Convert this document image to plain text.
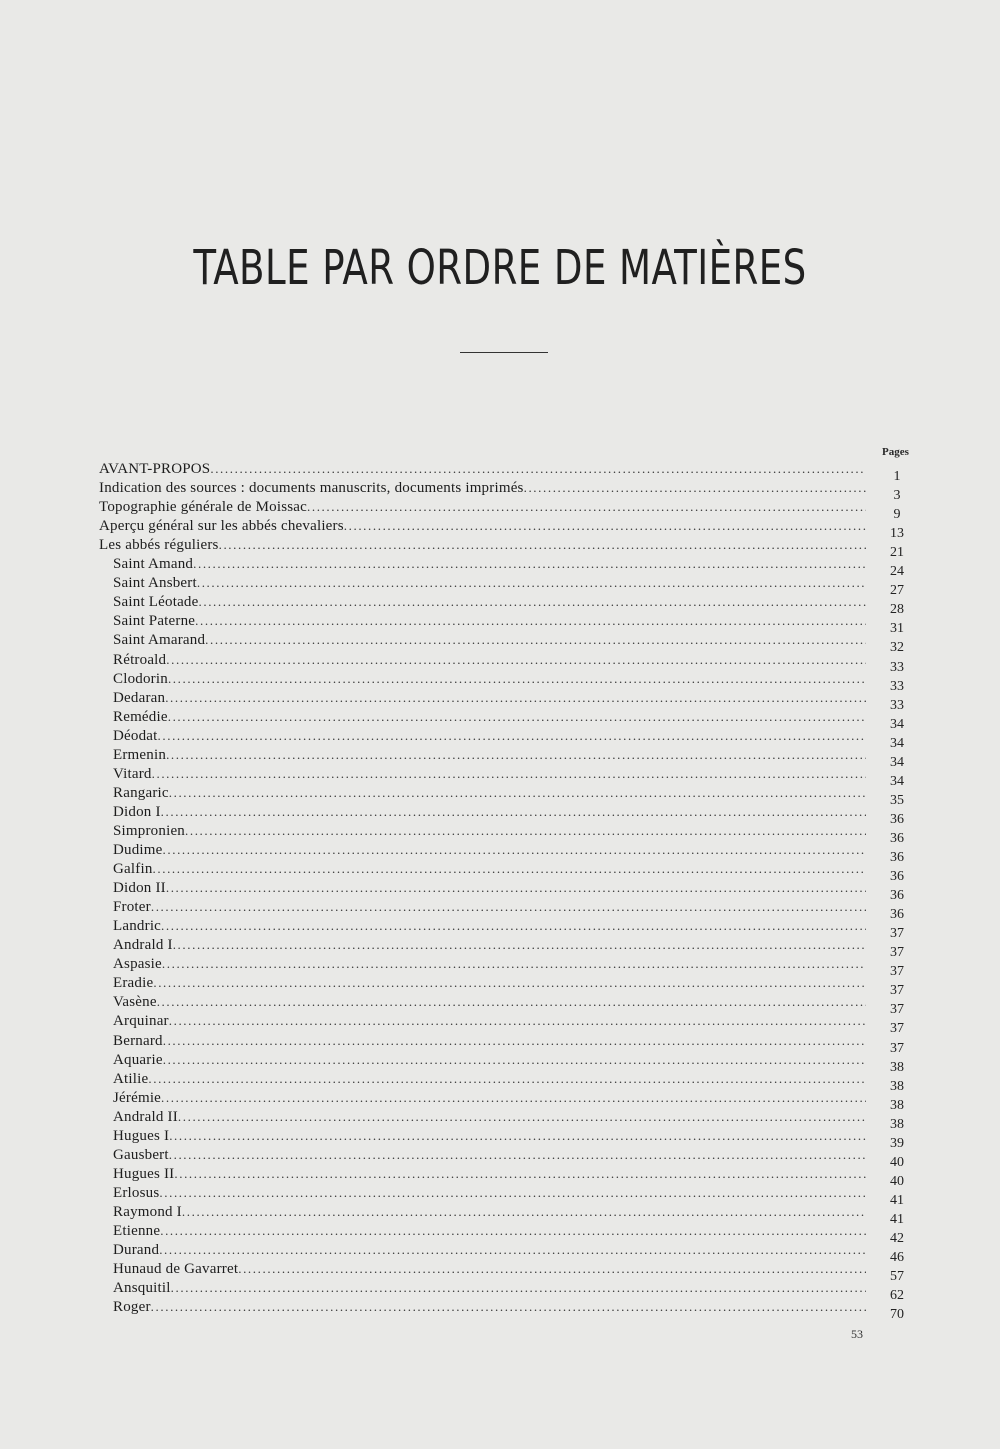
TABLE PAR ORDRE DE MATIÈRES
Pages
AVANT-PROPOS .....	1
Indication des sources : documents manuscrits, documents imprimés .....	3
Topographie générale de Moissac .....	9
Aperçu général sur les abbés chevaliers .....	13
Les abbés réguliers .....	21
Saint Amand .....	24
Saint Ansbert .....	27
Saint Léotade .....	28
Saint Paterne .....	31
Saint Amarand .....	32
Rétroald .....	33
Clodorin .....	33
Dedaran .....	33
Remédie .....	34
Déodat .....	34
Ermenin .....	34
Vitard .....	34
Rangaric .....	35
Didon I .....	36
Simpronien .....	36
Dudime .....	36
Galfin .....	36
Didon II .....	36
Froter .....	36
Landric .....	37
Andrald I .....	37
Aspasie .....	37
Eradie .....	37
Vasène .....	37
Arquinar .....	37
Bernard .....	37
Aquarie .....	38
Atilie .....	38
Jérémie .....	38
Andrald II .....	38
Hugues I .....	39
Gausbert .....	40
Hugues II .....	40
Erlosus .....	41
Raymond I .....	41
Etienne .....	42
Durand .....	46
Hunaud de Gavarret .....	57
Ansquitil .....	62
Roger .....	70
53
